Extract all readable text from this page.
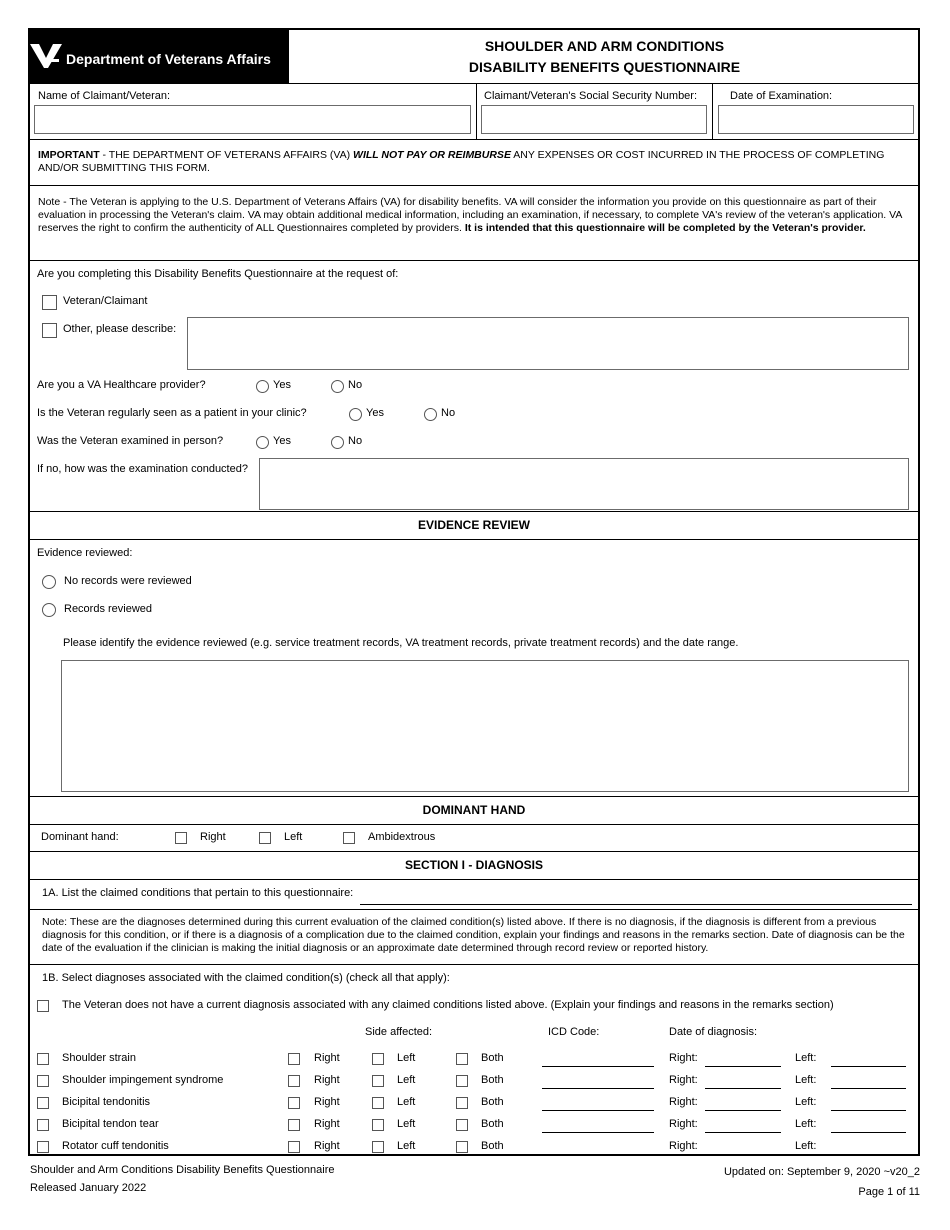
Department of Veterans Affairs
SHOULDER AND ARM CONDITIONS
DISABILITY BENEFITS QUESTIONNAIRE
Name of Claimant/Veteran:	Claimant/Veteran's Social Security Number:	Date of Examination:
IMPORTANT - THE DEPARTMENT OF VETERANS AFFAIRS (VA) WILL NOT PAY OR REIMBURSE ANY EXPENSES OR COST INCURRED IN THE PROCESS OF COMPLETING AND/OR SUBMITTING THIS FORM.
Note - The Veteran is applying to the U.S. Department of Veterans Affairs (VA) for disability benefits. VA will consider the information you provide on this questionnaire as part of their evaluation in processing the Veteran's claim. VA may obtain additional medical information, including an examination, if necessary, to complete VA's review of the veteran's application. VA reserves the right to confirm the authenticity of ALL Questionnaires completed by providers. It is intended that this questionnaire will be completed by the Veteran's provider.
Are you completing this Disability Benefits Questionnaire at the request of:
Veteran/Claimant
Other, please describe:
Are you a VA Healthcare provider?	Yes	No
Is the Veteran regularly seen as a patient in your clinic?	Yes	No
Was the Veteran examined in person?	Yes	No
If no, how was the examination conducted?
EVIDENCE REVIEW
Evidence reviewed:
No records were reviewed
Records reviewed
Please identify the evidence reviewed (e.g. service treatment records, VA treatment records, private treatment records) and the date range.
DOMINANT HAND
Dominant hand:	Right	Left	Ambidextrous
SECTION I - DIAGNOSIS
1A. List the claimed conditions that pertain to this questionnaire:
Note: These are the diagnoses determined during this current evaluation of the claimed condition(s) listed above. If there is no diagnosis, if the diagnosis is different from a previous diagnosis for this condition, or if there is a diagnosis of a complication due to the claimed condition, explain your findings and reasons in the remarks section. Date of diagnosis can be the date of the evaluation if the clinician is making the initial diagnosis or an approximate date determined through record review or reported history.
1B. Select diagnoses associated with the claimed condition(s) (check all that apply):
The Veteran does not have a current diagnosis associated with any claimed conditions listed above. (Explain your findings and reasons in the remarks section)
Side affected:	ICD Code:	Date of diagnosis:
Shoulder strain	Right	Left	Both	Right:	Left:
Shoulder impingement syndrome	Right	Left	Both	Right:	Left:
Bicipital tendonitis	Right	Left	Both	Right:	Left:
Bicipital tendon tear	Right	Left	Both	Right:	Left:
Rotator cuff tendonitis	Right	Left	Both	Right:	Left:
Shoulder and Arm Conditions Disability Benefits Questionnaire
Released January 2022
Updated on: September 9, 2020 ~v20_2
Page 1 of 11
